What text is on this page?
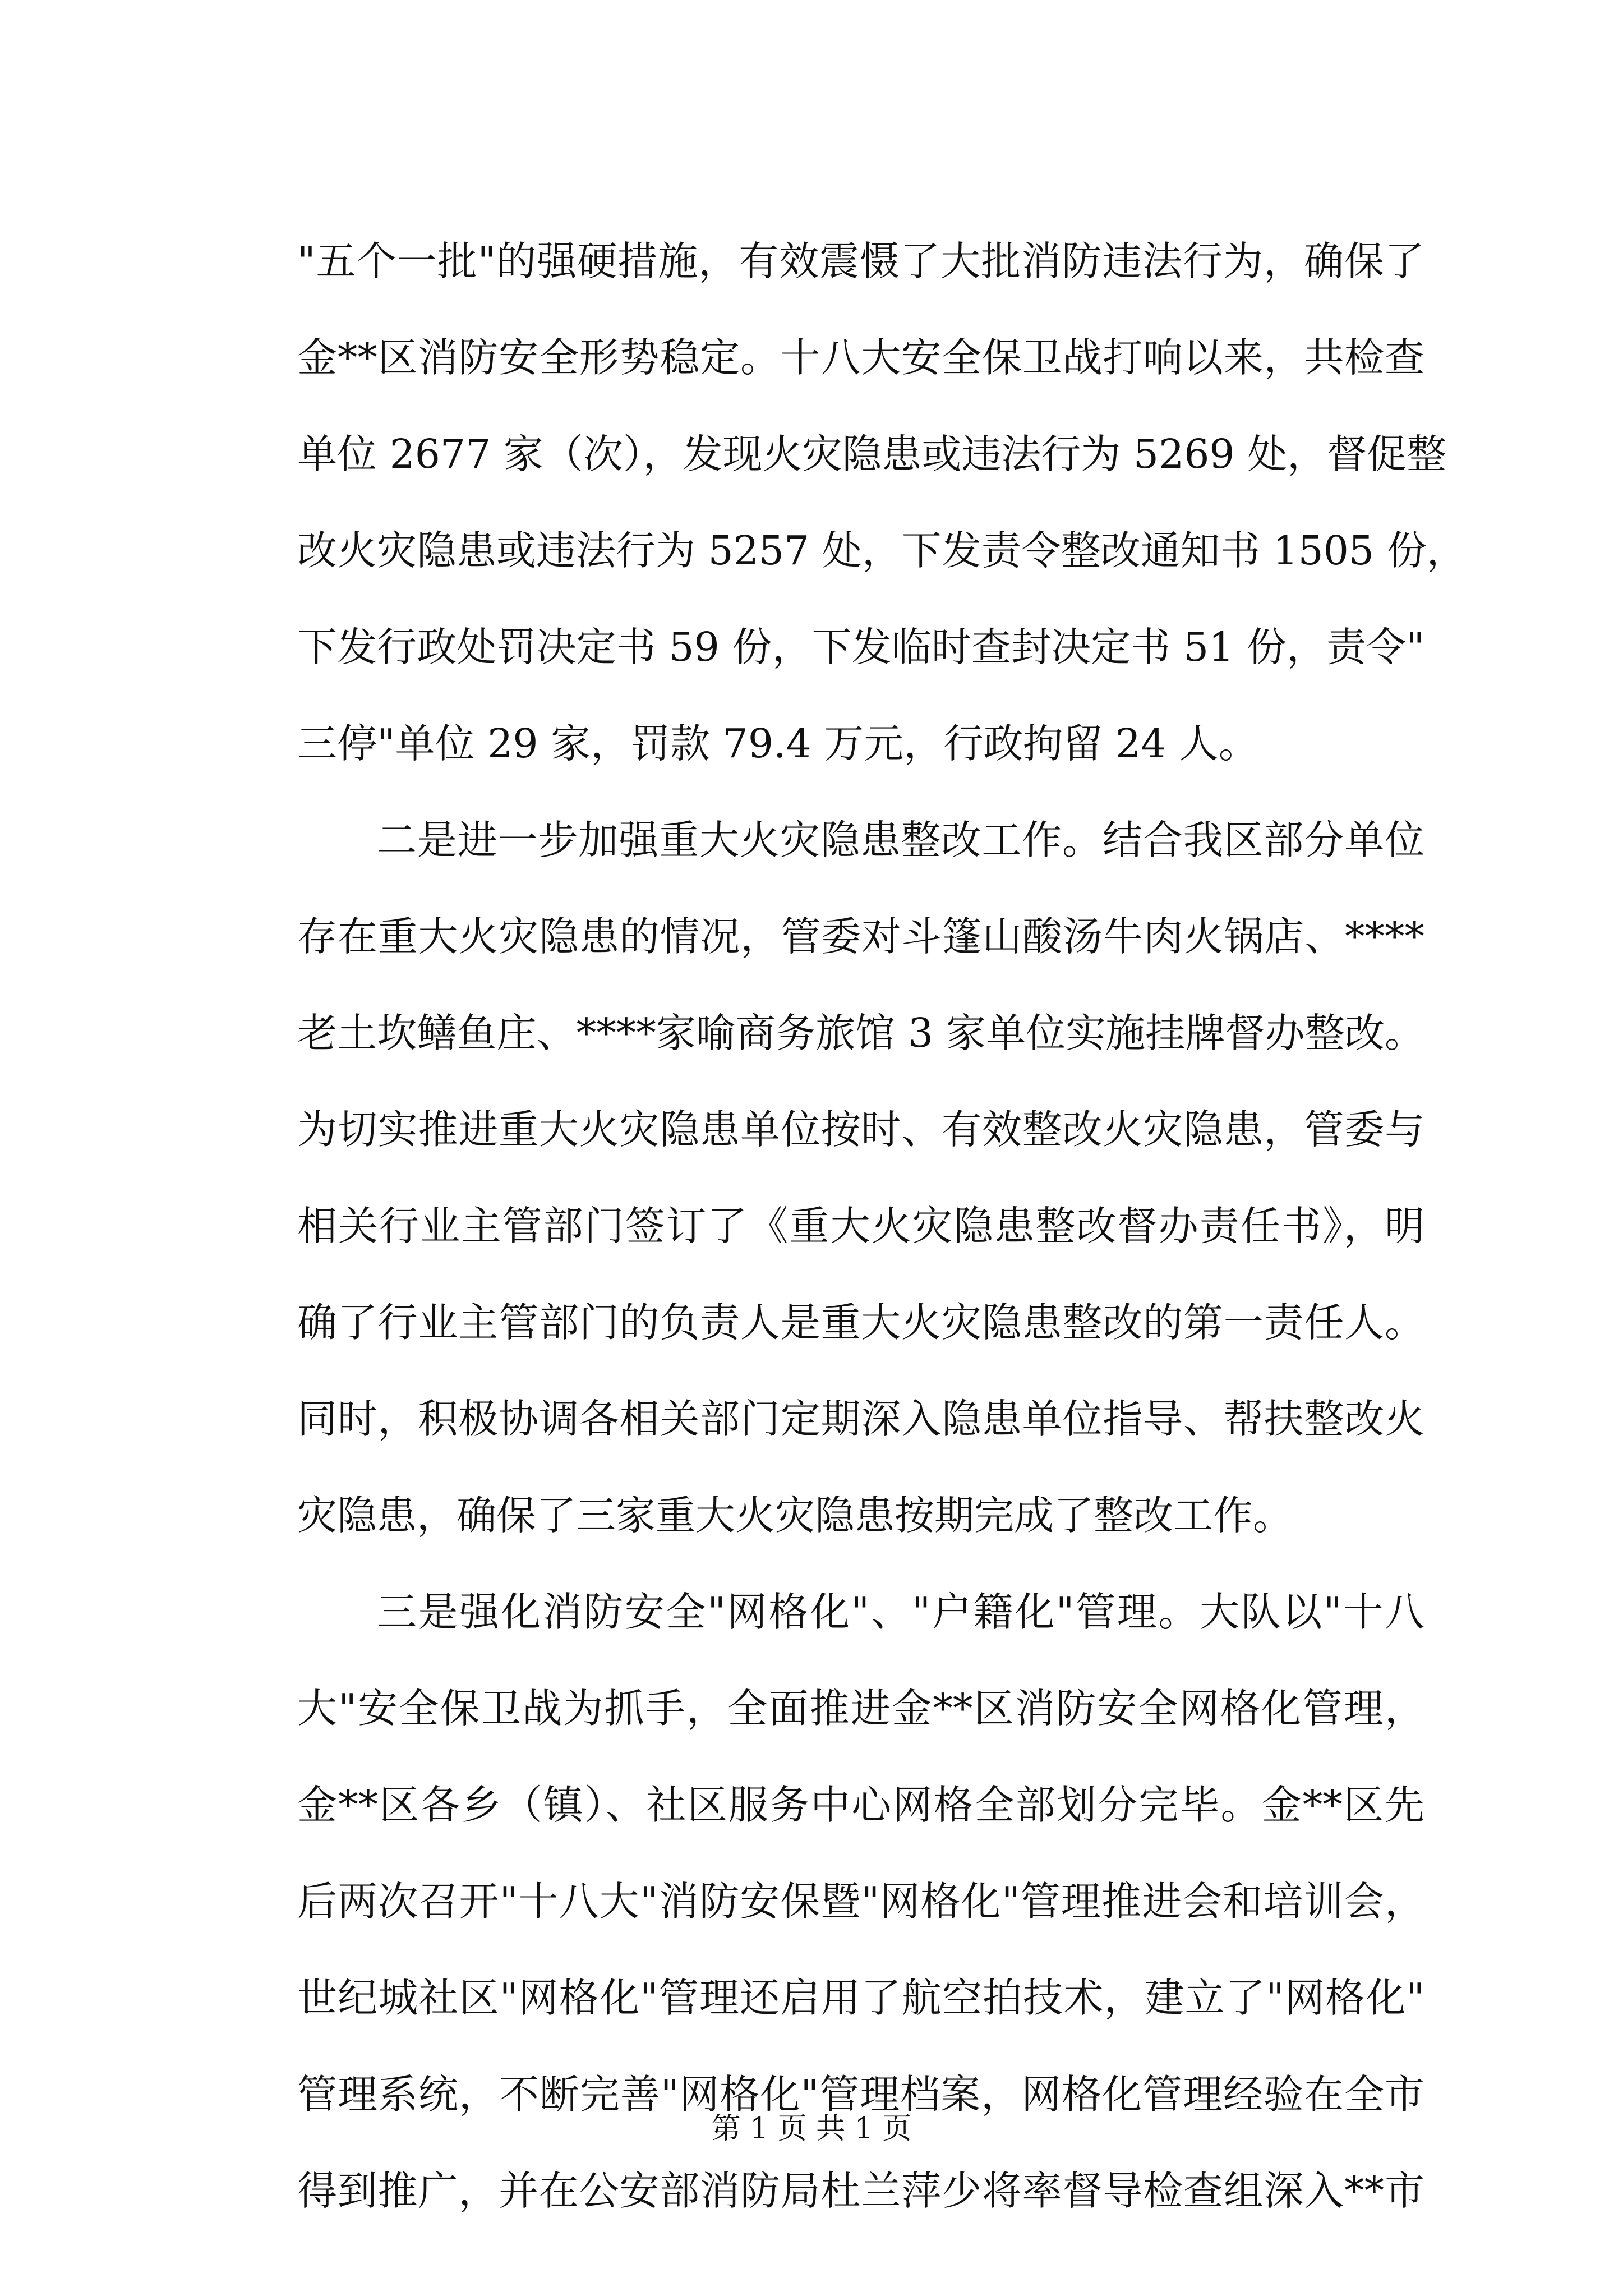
"五个一批"的强硬措施，有效震慑了大批消防违法行为，确保了
金**区消防安全形势稳定。十八大安全保卫战打响以来，共检查
单位 2677 家（次），发现火灾隐患或违法行为 5269 处，督促整
改火灾隐患或违法行为 5257 处，下发责令整改通知书 1505 份，
下发行政处罚决定书 59 份，下发临时查封决定书 51 份，责令"
三停"单位 29 家，罚款 79.4 万元，行政拘留 24 人。
二是进一步加强重大火灾隐患整改工作。结合我区部分单位
存在重大火灾隐患的情况，管委对斗篷山酸汤牛肉火锅店、****
老土坎鳝鱼庄、****家喻商务旅馆 3 家单位实施挂牌督办整改。
为切实推进重大火灾隐患单位按时、有效整改火灾隐患，管委与
相关行业主管部门签订了《重大火灾隐患整改督办责任书》，明
确了行业主管部门的负责人是重大火灾隐患整改的第一责任人。
同时，积极协调各相关部门定期深入隐患单位指导、帮扶整改火
灾隐患，确保了三家重大火灾隐患按期完成了整改工作。
三是强化消防安全"网格化"、"户籍化"管理。大队以"十八
大"安全保卫战为抓手，全面推进金**区消防安全网格化管理，
金**区各乡（镇）、社区服务中心网格全部划分完毕。金**区先
后两次召开"十八大"消防安保暨"网格化"管理推进会和培训会，
世纪城社区"网格化"管理还启用了航空拍技术，建立了"网格化"
管理系统，不断完善"网格化"管理档案，网格化管理经验在全市
得到推广，并在公安部消防局杜兰萍少将率督导检查组深入**市
第 1 页 共 1 页
